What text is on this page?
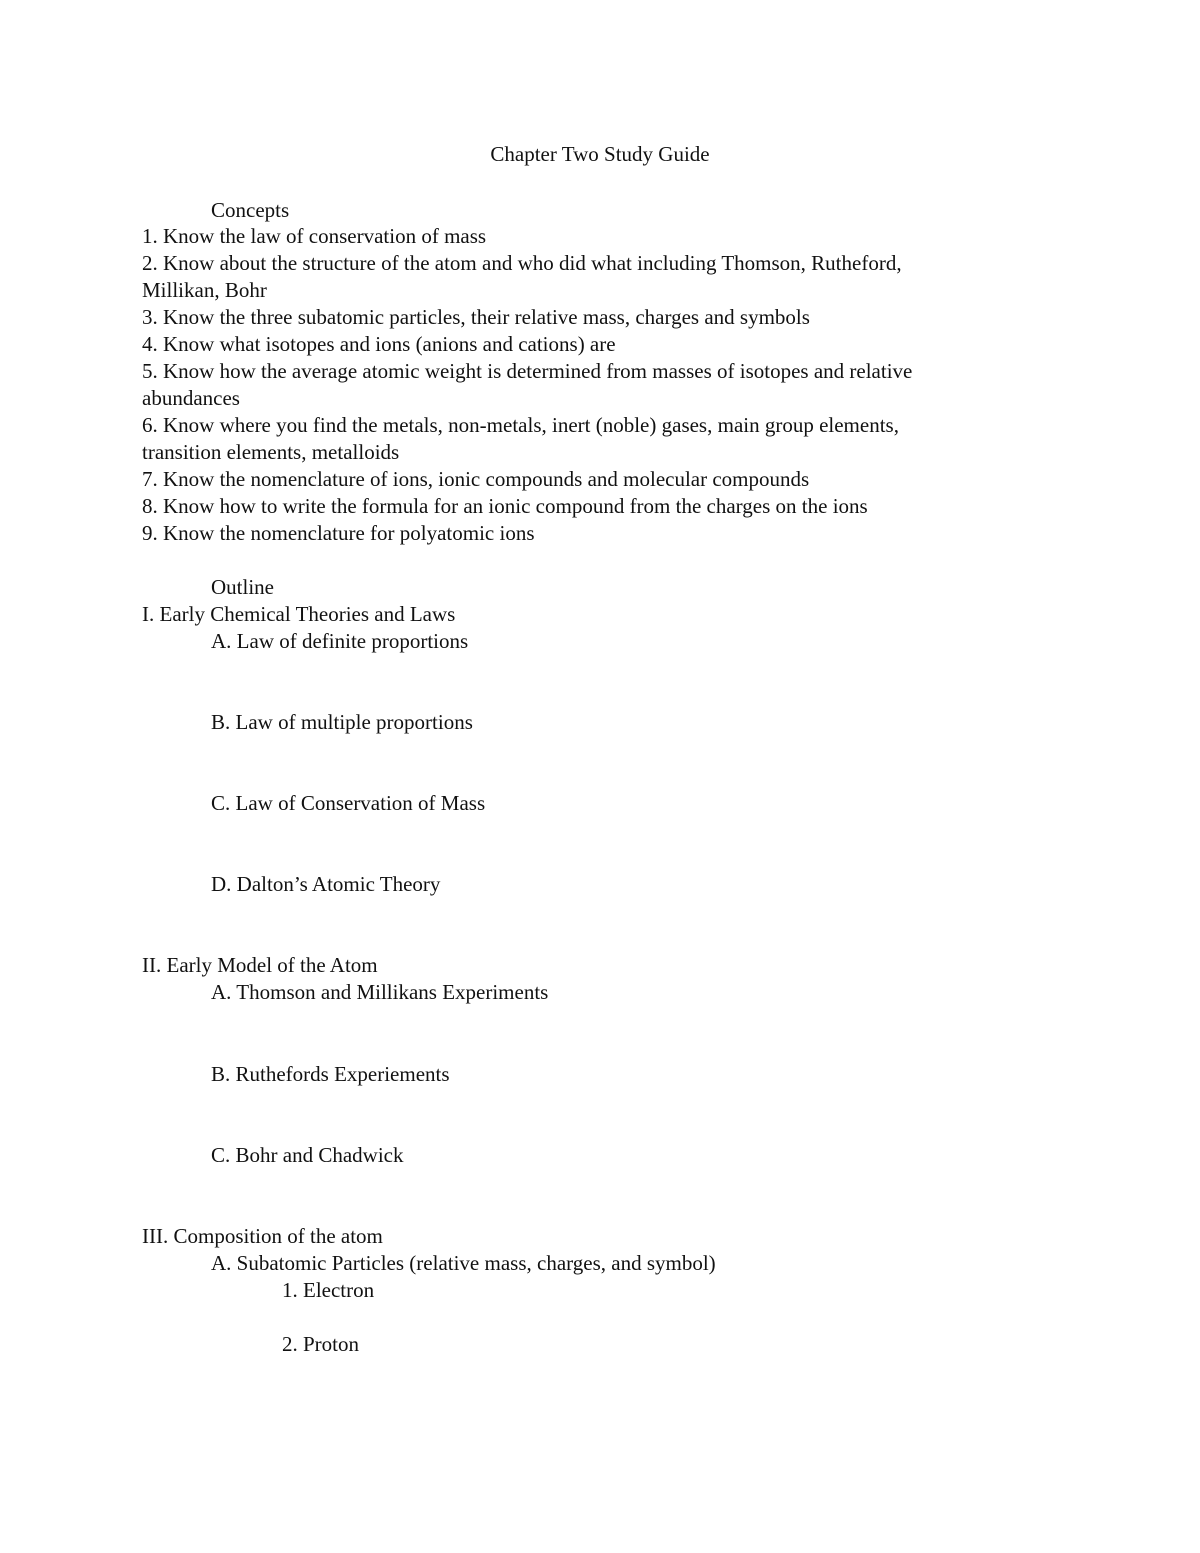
Chapter Two Study Guide
Concepts
1. Know the law of conservation of mass
2. Know about the structure of the atom and who did what including Thomson, Rutheford,
Millikan, Bohr
3. Know the three subatomic particles, their relative mass, charges and symbols
4. Know what isotopes and ions (anions and cations) are
5. Know how the average atomic weight is determined from masses of isotopes and relative
abundances
6. Know where you find the metals, non-metals, inert (noble) gases, main group elements,
transition elements, metalloids
7. Know the nomenclature of ions, ionic compounds and molecular compounds
8. Know how to write the formula for an ionic compound from the charges on the ions
9. Know the nomenclature for polyatomic ions
Outline
I. Early Chemical Theories and Laws
A. Law of definite proportions
B. Law of multiple proportions
C. Law of Conservation of Mass
D. Dalton’s Atomic Theory
II. Early Model of the Atom
A. Thomson and Millikans Experiments
B. Ruthefords Experiements
C. Bohr and Chadwick
III. Composition of the atom
A. Subatomic Particles (relative mass, charges, and symbol)
1. Electron
2. Proton
